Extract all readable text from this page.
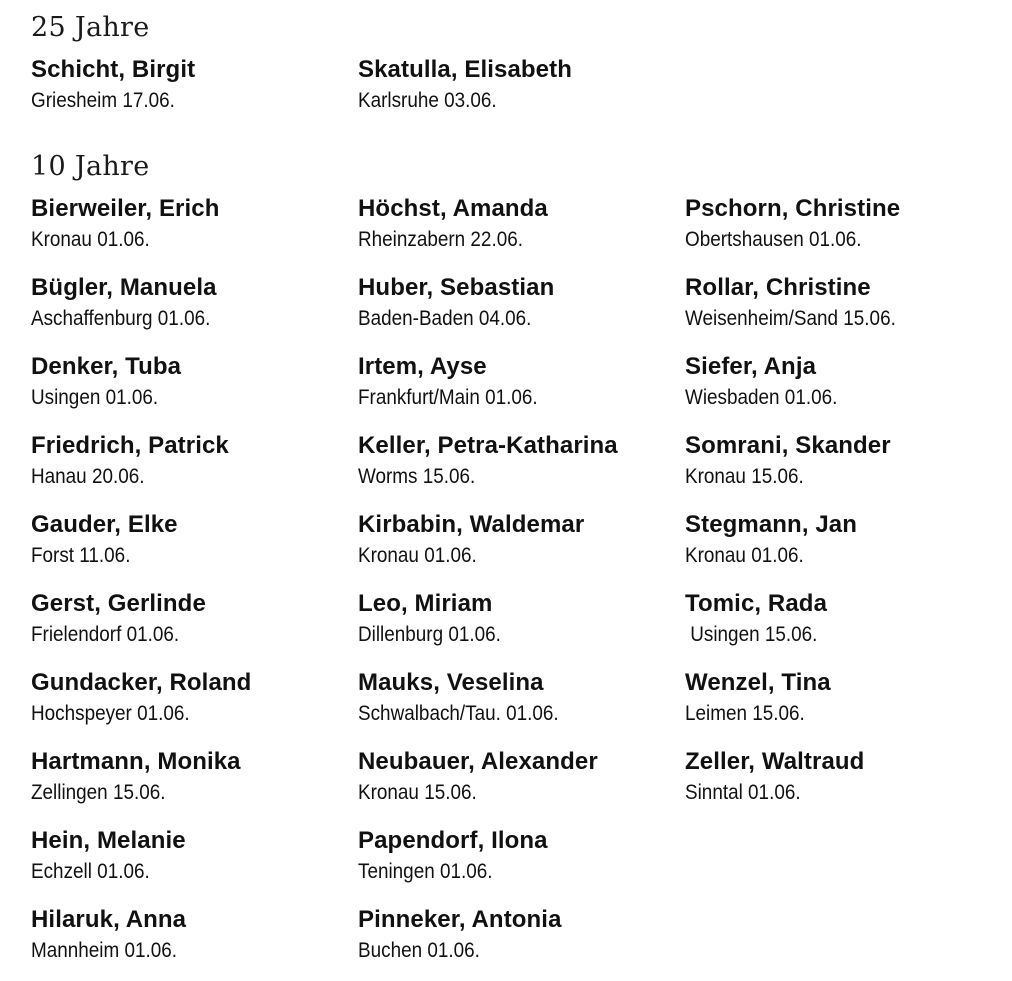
25 Jahre
Schicht, Birgit
Griesheim 17.06.
Skatulla, Elisabeth
Karlsruhe 03.06.
10 Jahre
Bierweiler, Erich
Kronau 01.06.
Bügler, Manuela
Aschaffenburg 01.06.
Denker, Tuba
Usingen 01.06.
Friedrich, Patrick
Hanau 20.06.
Gauder, Elke
Forst 11.06.
Gerst, Gerlinde
Frielendorf 01.06.
Gundacker, Roland
Hochspeyer 01.06.
Hartmann, Monika
Zellingen 15.06.
Hein, Melanie
Echzell 01.06.
Hilaruk, Anna
Mannheim 01.06.
Höchst, Amanda
Rheinzabern 22.06.
Huber, Sebastian
Baden-Baden 04.06.
Irtem, Ayse
Frankfurt/Main 01.06.
Keller, Petra-Katharina
Worms 15.06.
Kirbabin, Waldemar
Kronau 01.06.
Leo, Miriam
Dillenburg 01.06.
Mauks, Veselina
Schwalbach/Tau. 01.06.
Neubauer, Alexander
Kronau 15.06.
Papendorf, Ilona
Teningen 01.06.
Pinneker, Antonia
Buchen 01.06.
Pschorn, Christine
Obertshausen 01.06.
Rollar, Christine
Weisenheim/Sand 15.06.
Siefer, Anja
Wiesbaden 01.06.
Somrani, Skander
Kronau 15.06.
Stegmann, Jan
Kronau 01.06.
Tomic, Rada
Usingen 15.06.
Wenzel, Tina
Leimen 15.06.
Zeller, Waltraud
Sinntal 01.06.
